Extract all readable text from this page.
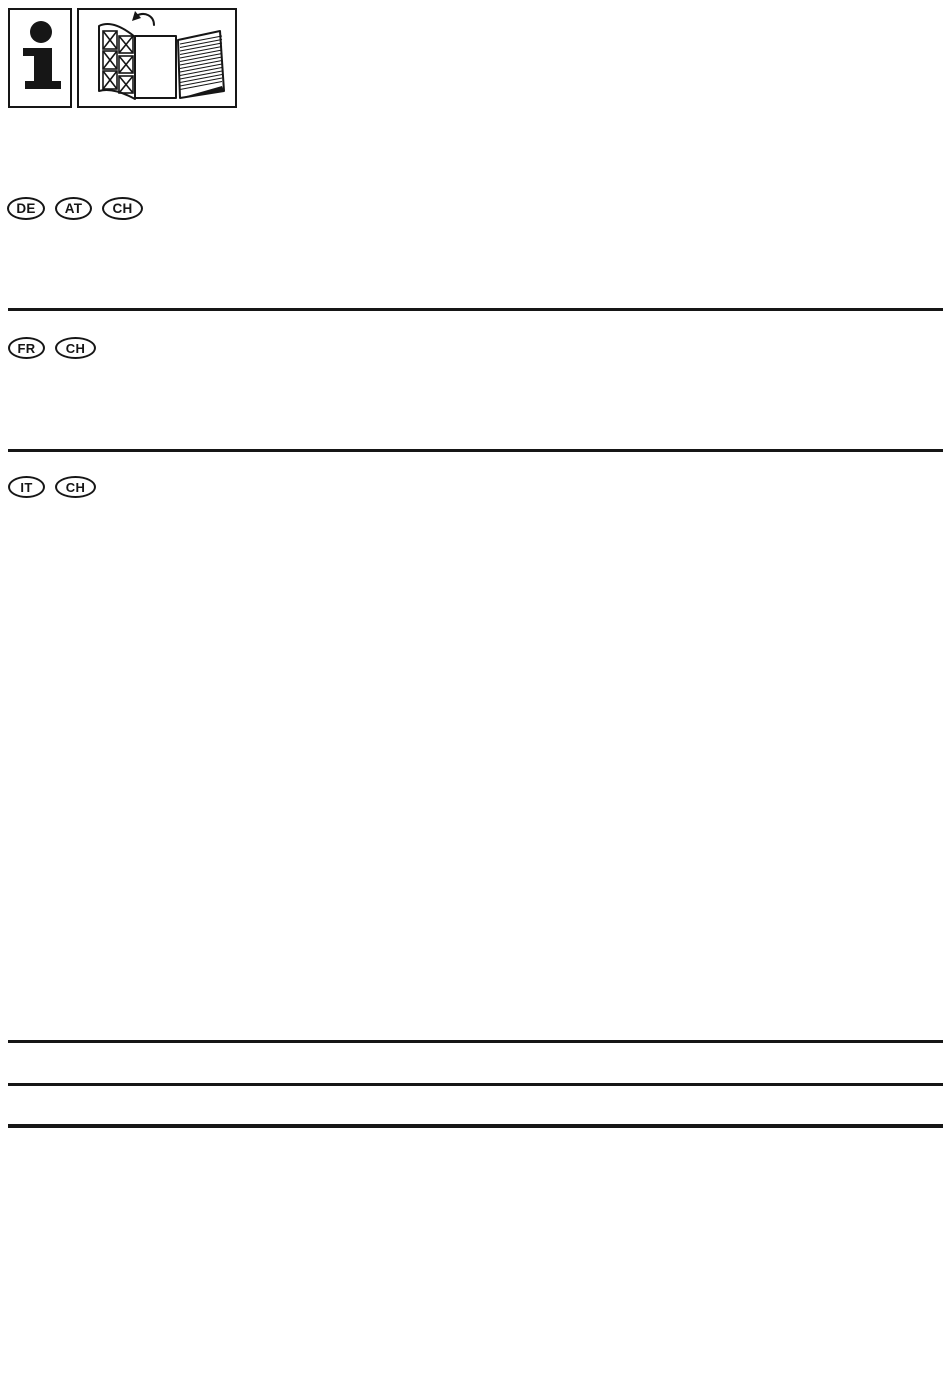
DE	AT	CH
FR	CH
IT	CH
